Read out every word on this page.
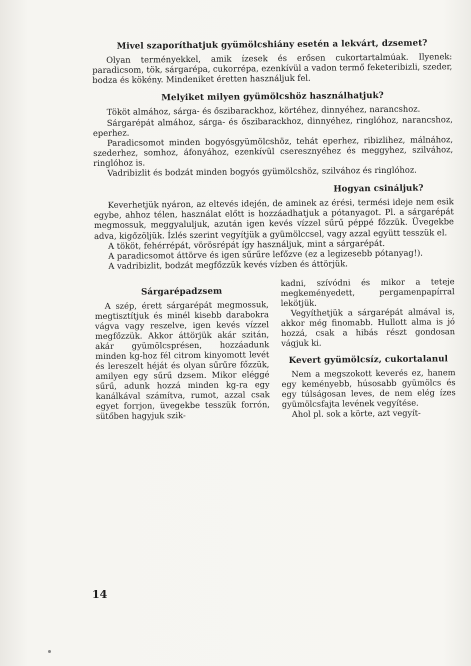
Mivel szaporíthatjuk gyümölcshiány esetén a lekvárt, dzsemet?

Olyan terményekkel, amik ízesek és erősen cukortartalmúak. Ilyenek: paradicsom, tök, sárgarépa, cukorrépa, ezenkívül a vadon termő feketeribizli, szeder, bodza és kökény. Mindeniket éretten használjuk fel.

Melyiket milyen gyümölcshöz használhatjuk?

Tököt almához, sárga- és őszibarackhoz, körtéhez, dinnyéhez, narancshoz.

Sárgarépát almához, sárga- és őszibarackhoz, dinnyéhez, ringlóhoz, narancshoz, eperhez.

Paradicsomot minden bogyósgyümölcshöz, tehát eperhez, ribizlihez, málnához, szederhez, somhoz, áfonyához, ezenkívül cseresznyéhez és meggyhez, szilvához, ringlóhoz is.

Vadribizlit és bodzát minden bogyós gyümölcshöz, szilvához és ringlóhoz.

Hogyan csináljuk?

Keverhetjük nyáron, az eltevés idején, de aminek az érési, termési ideje nem esik egybe, ahhoz télen, használat előtt is hozzáadhatjuk a pótanyagot. Pl. a sárgarépát megmossuk, meggyaluljuk, azután igen kevés vízzel sűrű péppé főzzük. Üvegekbe adva, kigőzöljük. Ízlés szerint vegyítjük a gyümölccsel, vagy azzal együtt tesszük el.

A tököt, fehérrépát, vörösrépát így használjuk, mint a sárgarépát.

A paradicsomot áttörve és igen sűrűre lefőzve (ez a legizesebb pótanyag!).

A vadribizlit, bodzát megfőzzük kevés vízben és áttörjük.

Sárgarépadzsem

A szép, érett sárgarépát megmossuk, megtisztítjuk és minél kisebb darabokra vágva vagy reszelve, igen kevés vízzel megfőzzük. Akkor áttörjük akár szitán, akár gyümölcsprésen, hozzáadunk minden kg-hoz fél citrom kinyomott levét és lereszelt héját és olyan sűrűre főzzük, amilyen egy sűrű dzsem. Mikor eléggé sűrű, adunk hozzá minden kg-ra egy kanálkával számítva, rumot, azzal csak egyet forrjon, üvegekbe tesszük forrón, sütőben hagyjuk szik-

kadni, szívódni és mikor a teteje megkeményedett, pergamenpapírral lekötjük.

Vegyíthetjük a sárgarépát almával is, akkor még finomabb. Hullott alma is jó hozzá, csak a hibás részt gondosan vágjuk ki.

Kevert gyümölcsíz, cukortalanul

Nem a megszokott keverés ez, hanem egy keményebb, húsosabb gyümölcs és egy túlságosan leves, de nem elég ízes gyümölcsfajta levének vegyítése.

Ahol pl. sok a körte, azt vegyít-

14
